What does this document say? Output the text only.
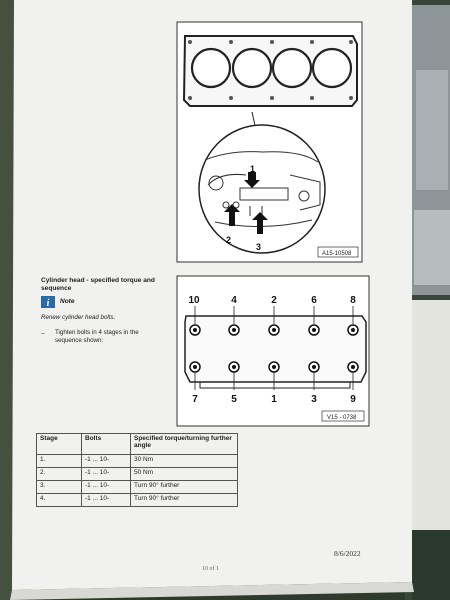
1
2
3
A15-10508
10	4	2	6	8
7	5	1	3	9
V15 - 0738
i
8/6/2022
10 of 1
Cylinder head - specified torque and sequence
Note
Renew cylinder head bolts.
– Tighten bolts in 4 stages in the sequence shown:
Stage	Bolts	Specified torque/turning further angle
1.	-1 ... 10-	30 Nm
2.	-1 ... 10-	50 Nm
3.	-1 ... 10-	Turn 90° further
4.	-1 ... 10-	Turn 90° further
